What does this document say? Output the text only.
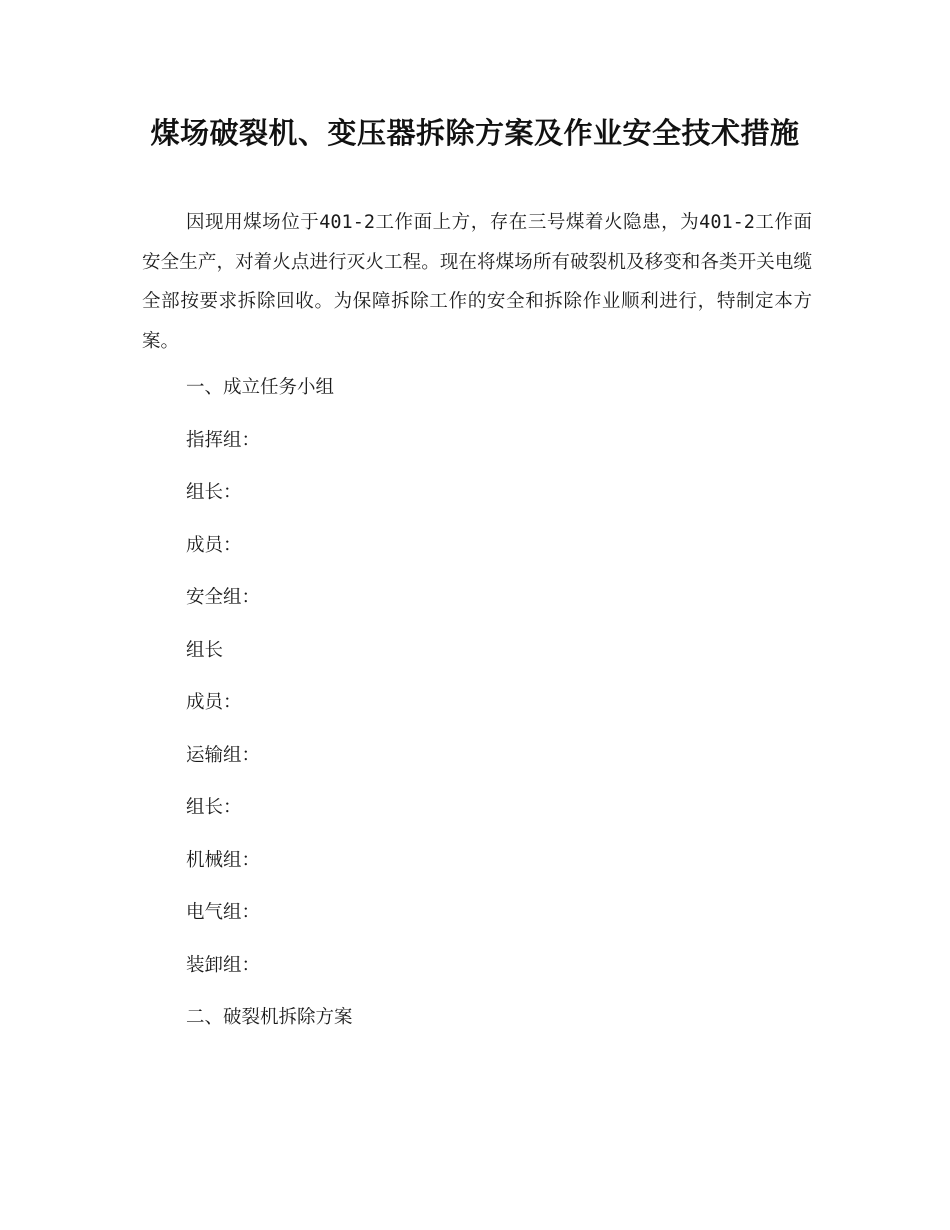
煤场破裂机、变压器拆除方案及作业安全技术措施

因现用煤场位于401-2工作面上方，存在三号煤着火隐患，为401-2工作面安全生产，对着火点进行灭火工程。现在将煤场所有破裂机及移变和各类开关电缆全部按要求拆除回收。为保障拆除工作的安全和拆除作业顺利进行，特制定本方案。

一、成立任务小组

指挥组：

组长：

成员：

安全组：

组长

成员：

运输组：

组长：

机械组：

电气组：

装卸组：

二、破裂机拆除方案
